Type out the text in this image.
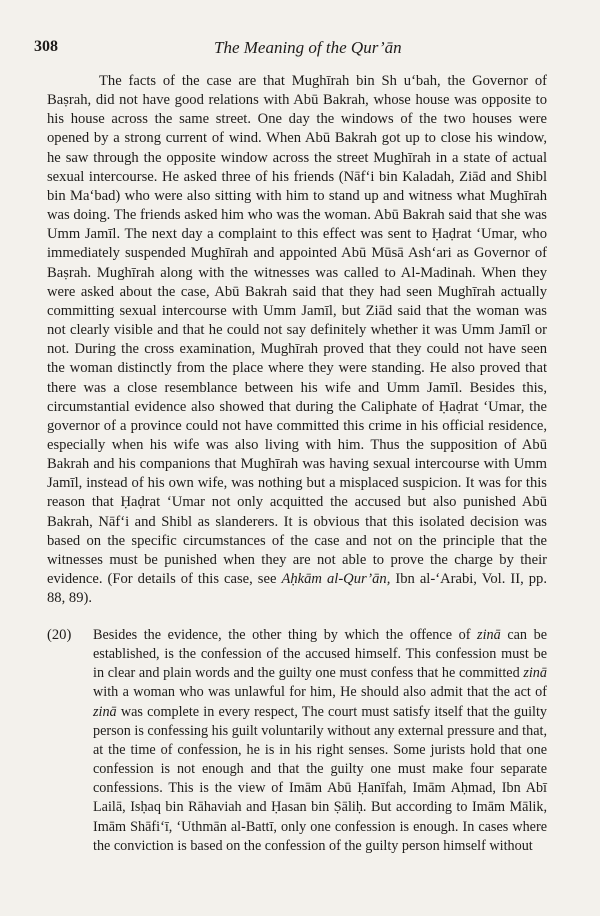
308	The Meaning of the Qur’ān

The facts of the case are that Mughīrah bin Sh u‘bah, the Governor of Baṣrah, did not have good relations with Abū Bakrah, whose house was opposite to his house across the same street. One day the windows of the two houses were opened by a strong current of wind. When Abū Bakrah got up to close his window, he saw through the opposite window across the street Mughīrah in a state of actual sexual intercourse. He asked three of his friends (Nāf‘i bin Kaladah, Ziād and Shibl bin Ma‘bad) who were also sitting with him to stand up and witness what Mughīrah was doing. The friends asked him who was the woman. Abū Bakrah said that she was Umm Jamīl. The next day a complaint to this effect was sent to Ḥaḍrat ‘Umar, who immediately suspended Mughīrah and appointed Abū Mūsā Ash‘ari as Governor of Baṣrah. Mughīrah along with the witnesses was called to Al-Madinah. When they were asked about the case, Abū Bakrah said that they had seen Mughīrah actually committing sexual intercourse with Umm Jamīl, but Ziād said that the woman was not clearly visible and that he could not say definitely whether it was Umm Jamīl or not. During the cross examination, Mughīrah proved that they could not have seen the woman distinctly from the place where they were standing. He also proved that there was a close resemblance between his wife and Umm Jamīl. Besides this, circumstantial evidence also showed that during the Caliphate of Ḥaḍrat ‘Umar, the governor of a province could not have committed this crime in his official residence, especially when his wife was also living with him. Thus the supposition of Abū Bakrah and his companions that Mughīrah was having sexual intercourse with Umm Jamīl, instead of his own wife, was nothing but a misplaced suspicion. It was for this reason that Ḥaḍrat ‘Umar not only acquitted the accused but also punished Abū Bakrah, Nāf‘i and Shibl as slanderers. It is obvious that this isolated decision was based on the specific circumstances of the case and not on the principle that the witnesses must be punished when they are not able to prove the charge by their evidence. (For details of this case, see Aḥkām al-Qur’ān, Ibn al-‘Arabi, Vol. II, pp. 88, 89).

(20) Besides the evidence, the other thing by which the offence of zinā can be established, is the confession of the accused himself. This confession must be in clear and plain words and the guilty one must confess that he committed zinā with a woman who was unlawful for him, He should also admit that the act of zinā was complete in every respect, The court must satisfy itself that the guilty person is confessing his guilt voluntarily without any external pressure and that, at the time of confession, he is in his right senses. Some jurists hold that one confession is not enough and that the guilty one must make four separate confessions. This is the view of Imām Abū Ḥanīfah, Imām Aḥmad, Ibn Abī Lailā, Isḥaq bin Rāhaviah and Ḥasan bin Ṣāliḥ. But according to Imām Mālik, Imām Shāfi‘ī, ‘Uthmān al-Battī, only one confession is enough. In cases where the conviction is based on the confession of the guilty person himself without
